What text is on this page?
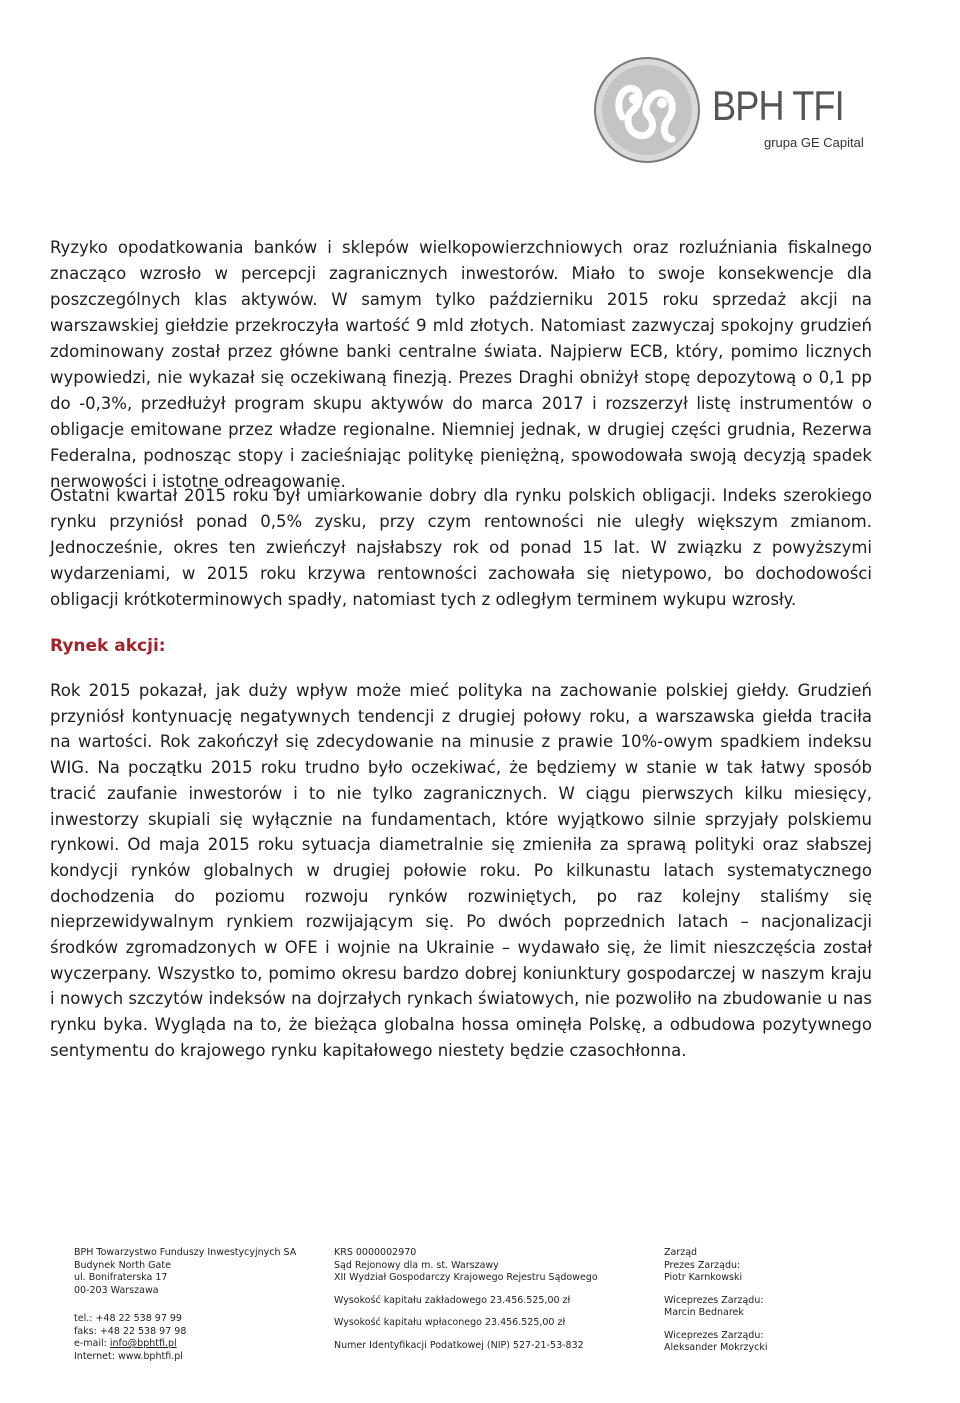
BPH TFI
grupa GE Capital

Ryzyko opodatkowania banków i sklepów wielkopowierzchniowych oraz rozluźniania fiskalnego znacząco wzrosło w percepcji zagranicznych inwestorów. Miało to swoje konsekwencje dla poszczególnych klas aktywów. W samym tylko październiku 2015 roku sprzedaż akcji na warszawskiej giełdzie przekroczyła wartość 9 mld złotych. Natomiast zazwyczaj spokojny grudzień zdominowany został przez główne banki centralne świata. Najpierw ECB, który, pomimo licznych wypowiedzi, nie wykazał się oczekiwaną finezją. Prezes Draghi obniżył stopę depozytową o 0,1 pp do -0,3%, przedłużył program skupu aktywów do marca 2017 i rozszerzył listę instrumentów o obligacje emitowane przez władze regionalne. Niemniej jednak, w drugiej części grudnia, Rezerwa Federalna, podnosząc stopy i zacieśniając politykę pieniężną, spowodowała swoją decyzją spadek nerwowości i istotne odreagowanie.

Ostatni kwartał 2015 roku był umiarkowanie dobry dla rynku polskich obligacji. Indeks szerokiego rynku przyniósł ponad 0,5% zysku, przy czym rentowności nie uległy większym zmianom. Jednocześnie, okres ten zwieńczył najsłabszy rok od ponad 15 lat. W związku z powyższymi wydarzeniami, w 2015 roku krzywa rentowności zachowała się nietypowo, bo dochodowości obligacji krótkoterminowych spadły, natomiast tych z odległym terminem wykupu wzrosły.

Rynek akcji:

Rok 2015 pokazał, jak duży wpływ może mieć polityka na zachowanie polskiej giełdy. Grudzień przyniósł kontynuację negatywnych tendencji z drugiej połowy roku, a warszawska giełda traciła na wartości. Rok zakończył się zdecydowanie na minusie z prawie 10%-owym spadkiem indeksu WIG. Na początku 2015 roku trudno było oczekiwać, że będziemy w stanie w tak łatwy sposób tracić zaufanie inwestorów i to nie tylko zagranicznych. W ciągu pierwszych kilku miesięcy, inwestorzy skupiali się wyłącznie na fundamentach, które wyjątkowo silnie sprzyjały polskiemu rynkowi. Od maja 2015 roku sytuacja diametralnie się zmieniła za sprawą polityki oraz słabszej kondycji rynków globalnych w drugiej połowie roku. Po kilkunastu latach systematycznego dochodzenia do poziomu rozwoju rynków rozwiniętych, po raz kolejny staliśmy się nieprzewidywalnym rynkiem rozwijającym się. Po dwóch poprzednich latach – nacjonalizacji środków zgromadzonych w OFE i wojnie na Ukrainie – wydawało się, że limit nieszczęścia został wyczerpany. Wszystko to, pomimo okresu bardzo dobrej koniunktury gospodarczej w naszym kraju i nowych szczytów indeksów na dojrzałych rynkach światowych, nie pozwoliło na zbudowanie u nas rynku byka. Wygląda na to, że bieżąca globalna hossa ominęła Polskę, a odbudowa pozytywnego sentymentu do krajowego rynku kapitałowego niestety będzie czasochłonna.

BPH Towarzystwo Funduszy Inwestycyjnych SA
Budynek North Gate
ul. Bonifraterska 17
00-203 Warszawa
tel.: +48 22 538 97 99
faks: +48 22 538 97 98
e-mail: info@bphtfi.pl
Internet: www.bphtfi.pl
KRS 0000002970
Sąd Rejonowy dla m. st. Warszawy
XII Wydział Gospodarczy Krajowego Rejestru Sądowego
Wysokość kapitału zakładowego 23.456.525,00 zł
Wysokość kapitału wpłaconego 23.456.525,00 zł
Numer Identyfikacji Podatkowej (NIP) 527-21-53-832
Zarząd
Prezes Zarządu:
Piotr Karnkowski
Wiceprezes Zarządu:
Marcin Bednarek
Wiceprezes Zarządu:
Aleksander Mokrzycki
